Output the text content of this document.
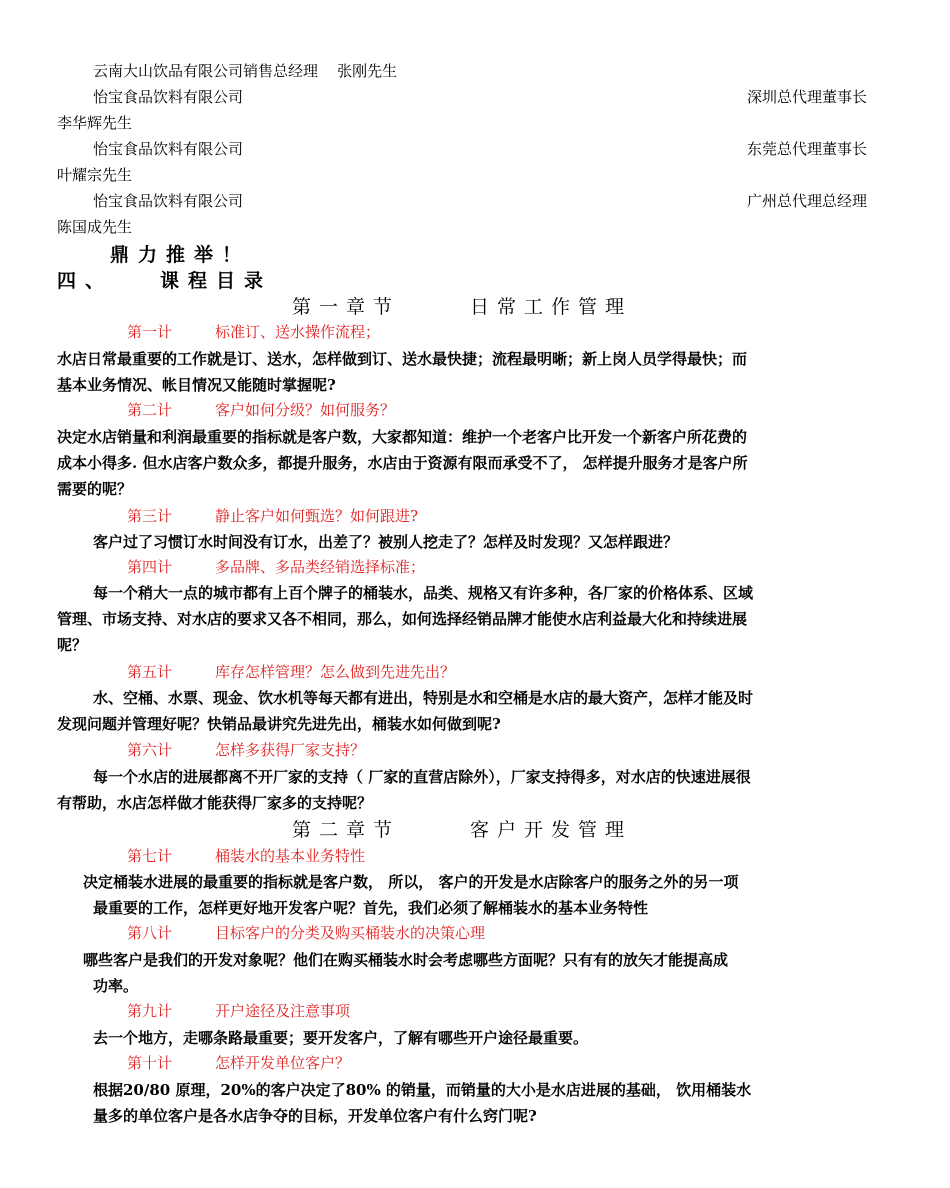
云南大山饮品有限公司销售总经理 张刚先生
怡宝食品饮料有限公司	深圳总代理董事长
李华辉先生
怡宝食品饮料有限公司	东莞总代理董事长
叶耀宗先生
怡宝食品饮料有限公司	广州总代理总经理
陈国成先生
鼎力推举！
四、 课程目录
第一章节	日常工作管理
第一计	标准订、送水操作流程；

水店日常最重要的工作就是订、送水，怎样做到订、送水最快捷；流程最明晰；新上岗人员学得最快；而

基本业务情况、帐目情况又能随时掌握呢?

第二计	客户如何分级？如何服务？

决定水店销量和利润最重要的指标就是客户数，大家都知道：维护一个老客户比开发一个新客户所花费的

成本小得多. 但水店客户数众多，都提升服务，水店由于资源有限而承受不了， 怎样提升服务才是客户所

需要的呢？

第三计	静止客户如何甄选？如何跟进?

客户过了习惯订水时间没有订水，出差了？被别人挖走了？怎样及时发现？又怎样跟进？

第四计	多品牌、多品类经销选择标准；

每一个稍大一点的城市都有上百个牌子的桶装水，品类、规格又有许多种，各厂家的价格体系、区域

管理、市场支持、对水店的要求又各不相同，那么，如何选择经销品牌才能使水店利益最大化和持续进展

呢？

第五计	库存怎样管理？怎么做到先进先出？

水、空桶、水票、现金、饮水机等每天都有进出，特别是水和空桶是水店的最大资产，怎样才能及时

发现问题并管理好呢？快销品最讲究先进先出，桶装水如何做到呢?

第六计	怎样多获得厂家支持？

每一个水店的进展都离不开厂家的支持（ 厂家的直营店除外），厂家支持得多，对水店的快速进展很

有帮助，水店怎样做才能获得厂家多的支持呢？

第二章节	客户开发管理
第七计	桶装水的基本业务特性

决定桶装水进展的最重要的指标就是客户数， 所以， 客户的开发是水店除客户的服务之外的另一项

最重要的工作，怎样更好地开发客户呢？首先，我们必须了解桶装水的基本业务特性

第八计	目标客户的分类及购买桶装水的决策心理

哪些客户是我们的开发对象呢？他们在购买桶装水时会考虑哪些方面呢？只有有的放矢才能提高成

功率。

第九计	开户途径及注意事项

去一个地方，走哪条路最重要；要开发客户，了解有哪些开户途径最重要。

第十计	怎样开发单位客户？

根据20/80 原理，20%的客户决定了80% 的销量，而销量的大小是水店进展的基础， 饮用桶装水

量多的单位客户是各水店争夺的目标，开发单位客户有什么窍门呢?
